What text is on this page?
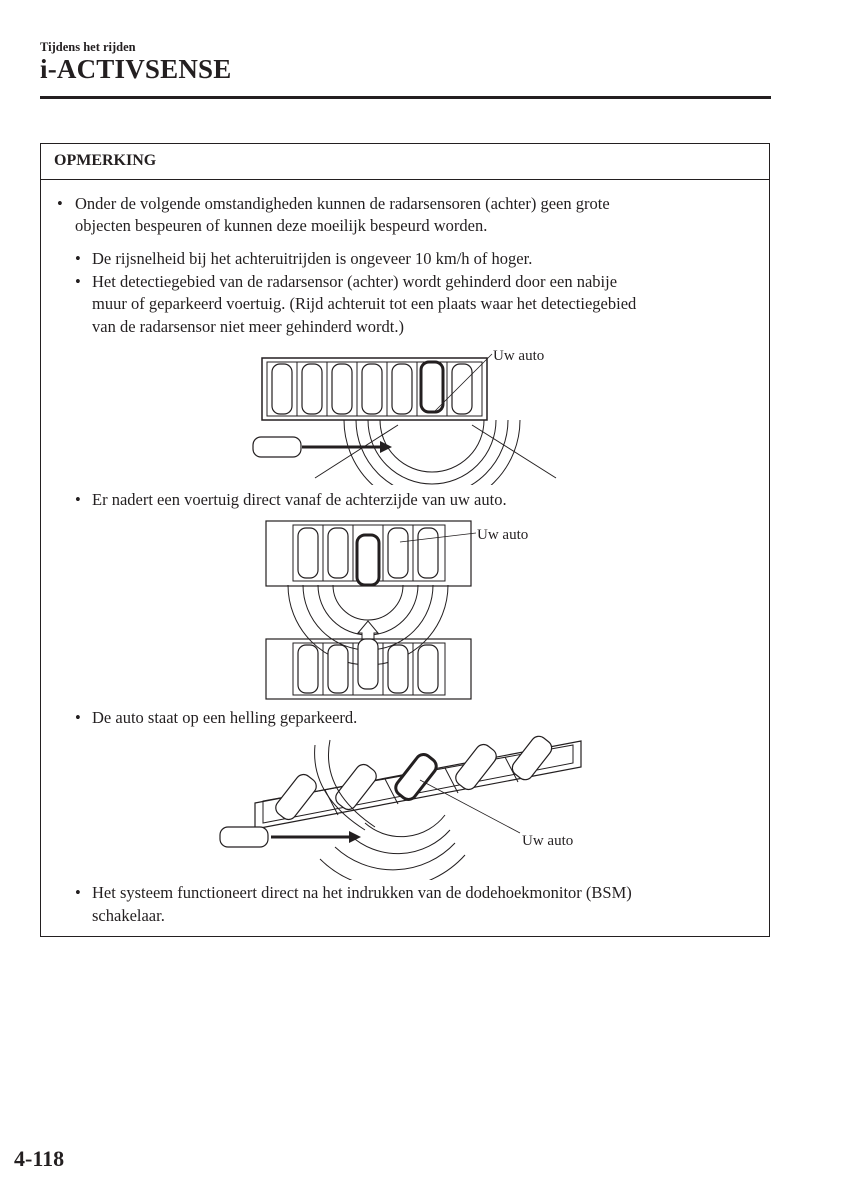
Tijdens het rijden
i-ACTIVSENSE
OPMERKING
• Onder de volgende omstandigheden kunnen de radarsensoren (achter) geen grote
objecten bespeuren of kunnen deze moeilijk bespeurd worden.
• De rijsnelheid bij het achteruitrijden is ongeveer 10 km/h of hoger.
• Het detectiegebied van de radarsensor (achter) wordt gehinderd door een nabije
muur of geparkeerd voertuig. (Rijd achteruit tot een plaats waar het detectiegebied
van de radarsensor niet meer gehinderd wordt.)
Uw auto
• Er nadert een voertuig direct vanaf de achterzijde van uw auto.
Uw auto
• De auto staat op een helling geparkeerd.
Uw auto
• Het systeem functioneert direct na het indrukken van de dodehoekmonitor (BSM)
schakelaar.
4-118
